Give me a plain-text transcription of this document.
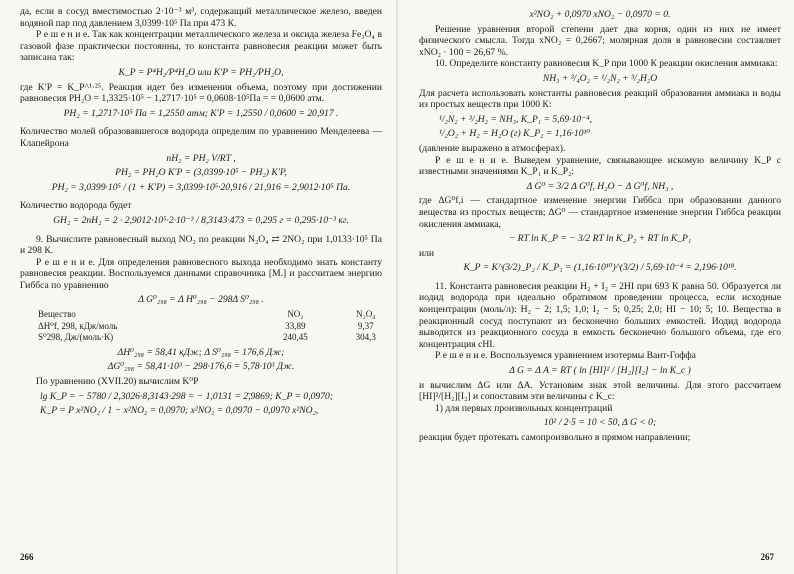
да, если в сосуд вместимостью 2·10⁻³ м³, содержащий металлическое железо, введен водяной пар под давлением 3,0399·10⁵ Па при 473 К.

Р е ш е н и е. Так как концентрации металлического железа и оксида железа Fe₃O₄ в газовой фазе практически постоянны, то константа равновесия реакции может быть записана так:

K_P = P⁴H₂/P⁴H₂O или K′P = PH₂/PH₂O,

где K′P = K_P^¹·²⁵. Реакция идет без изменения объема, поэтому при достижении равновесия PH₂O = 1,3325·10⁵ − 1,2717·10⁵ = 0,0608·10⁵Па = = 0,0600 атм.

PH₂ = 1,2717·10⁵ Па = 1,2550 атм; K′P = 1,2550 / 0,0600 = 20,917 .

Количество молей образовавшегося водорода определим по уравнению Менделеева — Клапейрона

nH₂ = PH₂ V/RT ,
PH₂ = PH₂O K′P = (3,0399·10⁵ − PH₂) K′P,
PH₂ = 3,0399·10⁵ / (1 + K′P) = 3,0399·10⁵·20,916 / 21,916 = 2,9012·10⁵ Па.

Количество водорода будет

GH₂ = 2nH₂ = 2 · 2,9012·10⁵·2·10⁻³ / 8,3143·473 = 0,295 г = 0,295·10⁻³ кг.

9. Вычислите равновесный выход NO₂ по реакции N₂O₄ ⇄ 2NO₂ при 1,0133·10⁵ Па и 298 К.

Р е ш е н и е. Для определения равновесного выхода необходимо знать константу равновесия реакции. Воспользуемся данными справочника [М.] и рассчитаем энергию Гиббса по уравнению

Δ G⁰₂₉₈ = Δ H⁰₂₉₈ − 298Δ S⁰₂₉₈ .
Вещество	NO₂	N₂O₄
ΔH⁰f, 298, кДж/моль	33,89	9,37
S⁰298, Дж/(моль·К)	240,45	304,3
ΔH⁰₂₉₈ = 58,41 кДж; Δ S⁰₂₉₈ = 176,6 Дж;
ΔG⁰₂₉₈ = 58,41·10³ − 298·176,6 = 5,78·10³ Дж.

По уравнению (XVII.20) вычислим K⁰P

lg K_P = − 5780 / 2,3026·8,3143·298 = − 1,0131 = 2̄,9869; K_P = 0,0970;
K_P = P x²NO₂ / 1 − x²NO₂ = 0,0970; x²NO₂ = 0,0970 − 0,0970 x²NO₂,
266
x²NO₂ + 0,0970 xNO₂ − 0,0970 = 0.

Решение уравнения второй степени дает два корня, один из них не имеет физического смысла. Тогда xNO₂ = 0,2667; молярная доля в равновесии составляет xNO₂ · 100 = 26,67 %.

10. Определите константу равновесия K_P при 1000 К реакции окисления аммиака:

NH₃ + ³/₄O₂ = ¹/₂N₂ + ³/₂H₂O

Для расчета использовать константы равновесия реакций образования аммиака и воды из простых веществ при 1000 К:

¹/₂N₂ + ³/₂H₂ = NH₃, K_P₁ = 5,69·10⁻⁴,
¹/₂O₂ + H₂ = H₂O (г) K_P₂ = 1,16·10¹⁰

(давление выражено в атмосферах).

Р е ш е н и е. Выведем уравнение, связывающее искомую величину K_P с известными значениями K_P₁ и K_P₂:

Δ G⁰ = 3/2 Δ G⁰f, H₂O − Δ G⁰f, NH₃ ,

где ΔG⁰f,i — стандартное изменение энергии Гиббса при образовании данного вещества из простых веществ; ΔG⁰ — стандартное изменение энергии Гиббса реакции окисления аммиака,

− RT ln K_P = − 3/2 RT ln K_P₂ + RT ln K_P₁

или

K_P = K^(3/2)_P₂ / K_P₁ = (1,16·10¹⁰)^(3/2) / 5,69·10⁻⁴ = 2,196·10¹⁸.

11. Константа равновесия реакции H₂ + I₂ = 2HI при 693 К равна 50. Образуется ли иодид водорода при идеально обратимом проведении процесса, если исходные концентрации (моль/л): H₂ − 2; 1,5; 1,0; I₂ − 5; 0,25; 2,0; HI − 10; 5; 10. Вещества в реакционный сосуд поступают из бесконечно больших емкостей. Иодид водорода выводится из реакционного сосуда в емкость бесконечно большого объема, где его концентрация cHI.

Р е ш е н и е. Воспользуемся уравнением изотермы Вант-Гоффа

Δ G = Δ A = RT ( ln [HI]² / [H₂][I₂] − ln K_c )

и вычислим ΔG или ΔA. Установим знак этой величины. Для этого рассчитаем [HI]²/[H₂][I₂] и сопоставим эти величины с K_c:

1) для первых произвольных концентраций

10² / 2·5 = 10 < 50, Δ G < 0;

реакция будет протекать самопроизвольно в прямом направлении;

267
